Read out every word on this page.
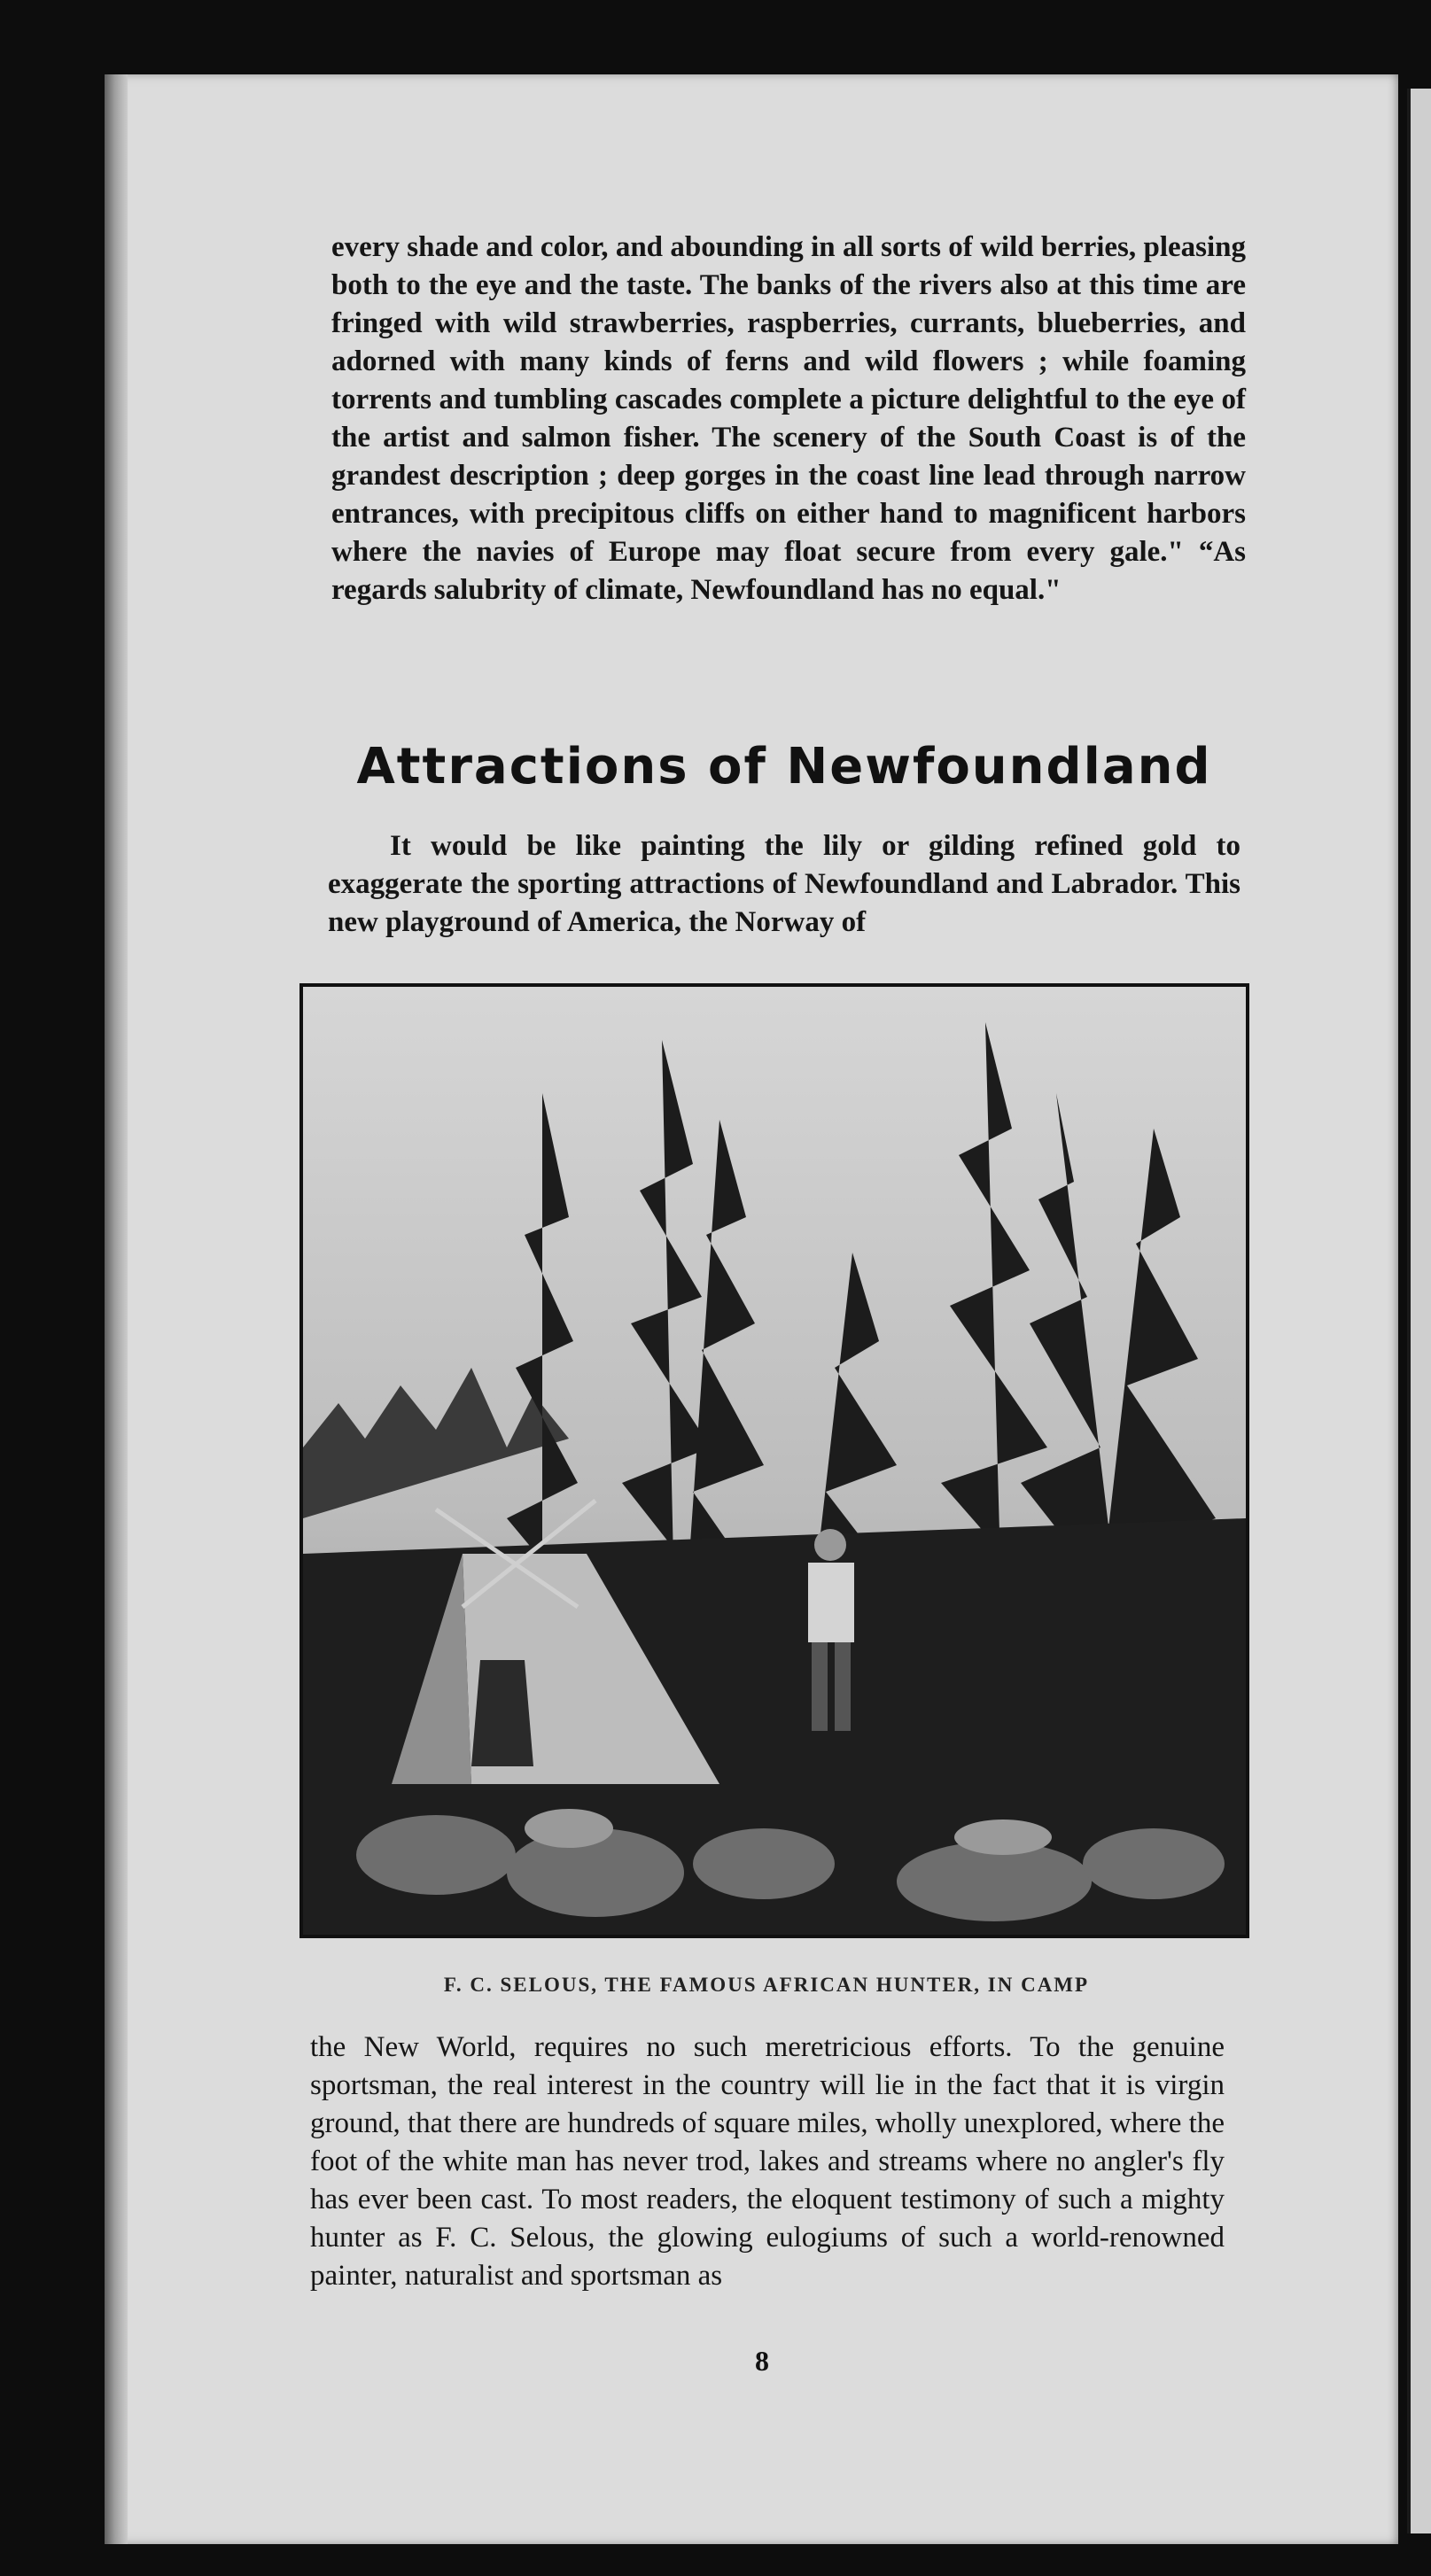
every shade and color, and abounding in all sorts of wild berries, pleasing both to the eye and the taste. The banks of the rivers also at this time are fringed with wild strawberries, raspberries, currants, blueberries, and adorned with many kinds of ferns and wild flowers ; while foaming torrents and tumbling cascades complete a picture delightful to the eye of the artist and salmon fisher. The scenery of the South Coast is of the grandest description ; deep gorges in the coast line lead through narrow entrances, with precipitous cliffs on either hand to magnificent harbors where the navies of Europe may float secure from every gale." “As regards salubrity of climate, Newfoundland has no equal."
Attractions of Newfoundland
It would be like painting the lily or gilding refined gold to exaggerate the sporting attractions of Newfoundland and Labrador. This new playground of America, the Norway of
F. C. SELOUS, THE FAMOUS AFRICAN HUNTER, IN CAMP
the New World, requires no such meretricious efforts. To the genuine sportsman, the real interest in the country will lie in the fact that it is virgin ground, that there are hundreds of square miles, wholly unexplored, where the foot of the white man has never trod, lakes and streams where no angler's fly has ever been cast. To most readers, the eloquent testimony of such a mighty hunter as F. C. Selous, the glowing eulogiums of such a world-renowned painter, naturalist and sportsman as
8
